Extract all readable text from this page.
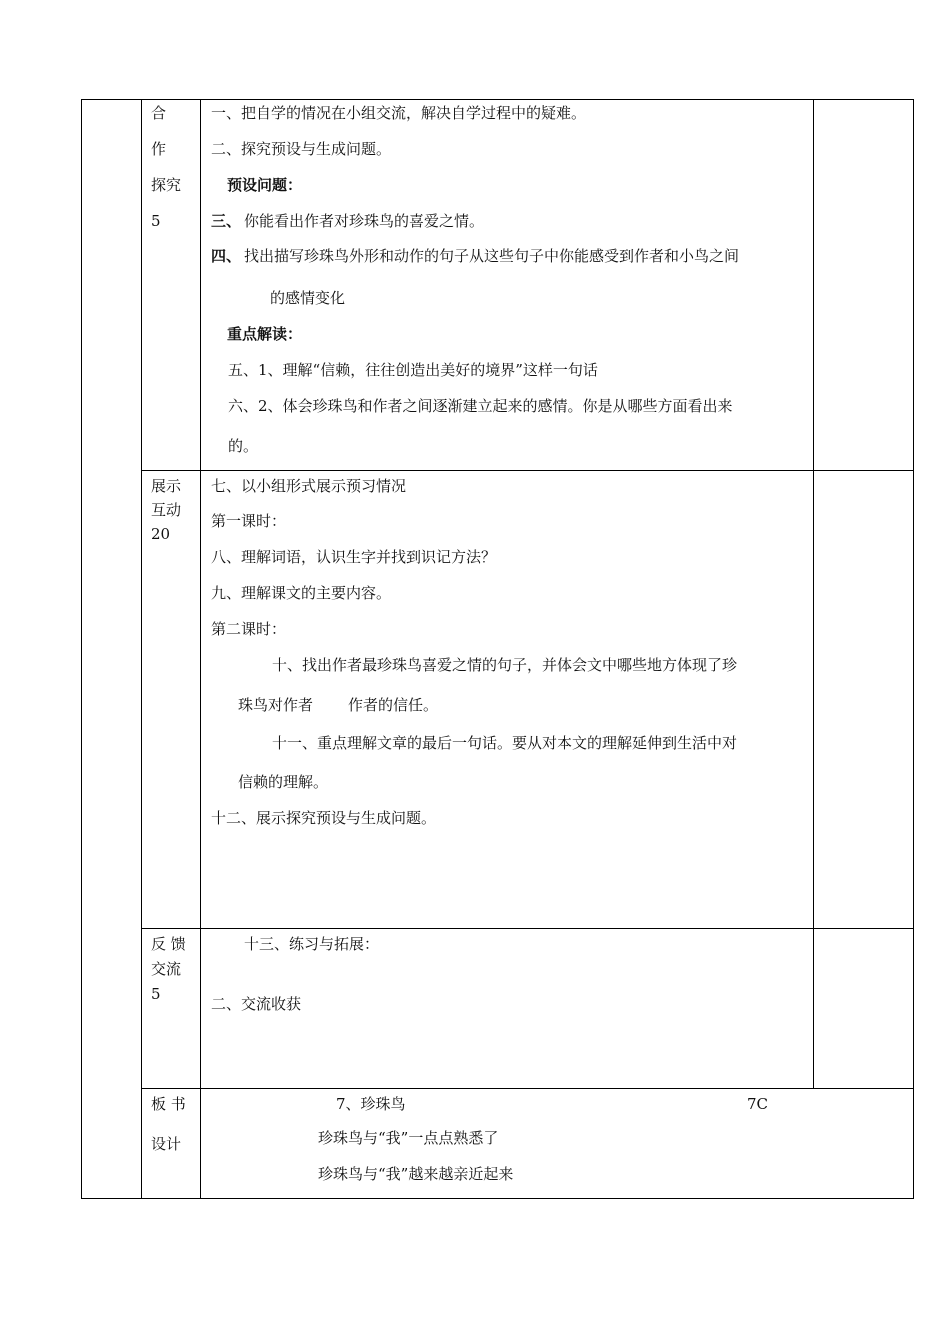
合
作
探究
5
一、把自学的情况在小组交流，解决自学过程中的疑难。
二、探究预设与生成问题。
预设问题：
三、 你能看出作者对珍珠鸟的喜爱之情。
四、 找出描写珍珠鸟外形和动作的句子从这些句子中你能感受到作者和小鸟之间
的感情变化
重点解读：
五、1、理解“信赖，往往创造出美好的境界”这样一句话
六、2、体会珍珠鸟和作者之间逐渐建立起来的感情。你是从哪些方面看出来
的。
展示
互动
20
七、以小组形式展示预习情况
第一课时：
八、理解词语，认识生字并找到识记方法？
九、理解课文的主要内容。
第二课时：
十、找出作者最珍珠鸟喜爱之情的句子，并体会文中哪些地方体现了珍
珠鸟对作者 作者的信任。
十一、重点理解文章的最后一句话。要从对本文的理解延伸到生活中对
信赖的理解。
十二、展示探究预设与生成问题。
反 馈
交流
5
十三、练习与拓展：
二、交流收获
板 书
设计
7、珍珠鸟	7C
珍珠鸟与“我”一点点熟悉了
珍珠鸟与“我”越来越亲近起来
